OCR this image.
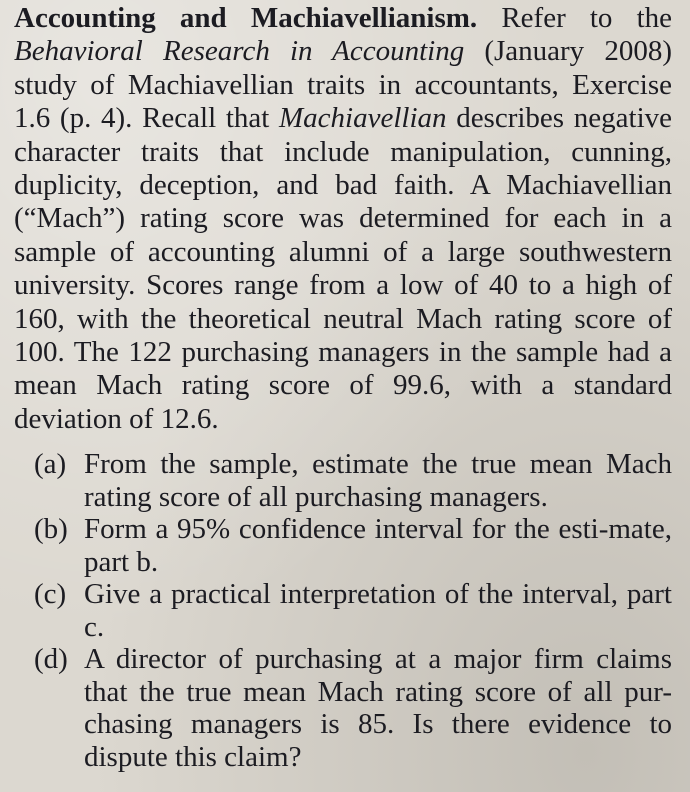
Accounting and Machiavellianism. Refer to the Behavioral Research in Accounting (January 2008) study of Machiavellian traits in accountants, Exercise 1.6 (p. 4). Recall that Machiavellian describes negative character traits that include manipulation, cunning, duplicity, deception, and bad faith. A Machiavellian (“Mach”) rating score was determined for each in a sample of accounting alumni of a large southwestern university. Scores range from a low of 40 to a high of 160, with the theoretical neutral Mach rating score of 100. The 122 purchasing managers in the sample had a mean Mach rating score of 99.6, with a standard deviation of 12.6.

(a) From the sample, estimate the true mean Mach rating score of all purchasing managers.
(b) Form a 95% confidence interval for the esti-mate, part b.
(c) Give a practical interpretation of the interval, part c.
(d) A director of purchasing at a major firm claims that the true mean Mach rating score of all pur-chasing managers is 85. Is there evidence to dispute this claim?
